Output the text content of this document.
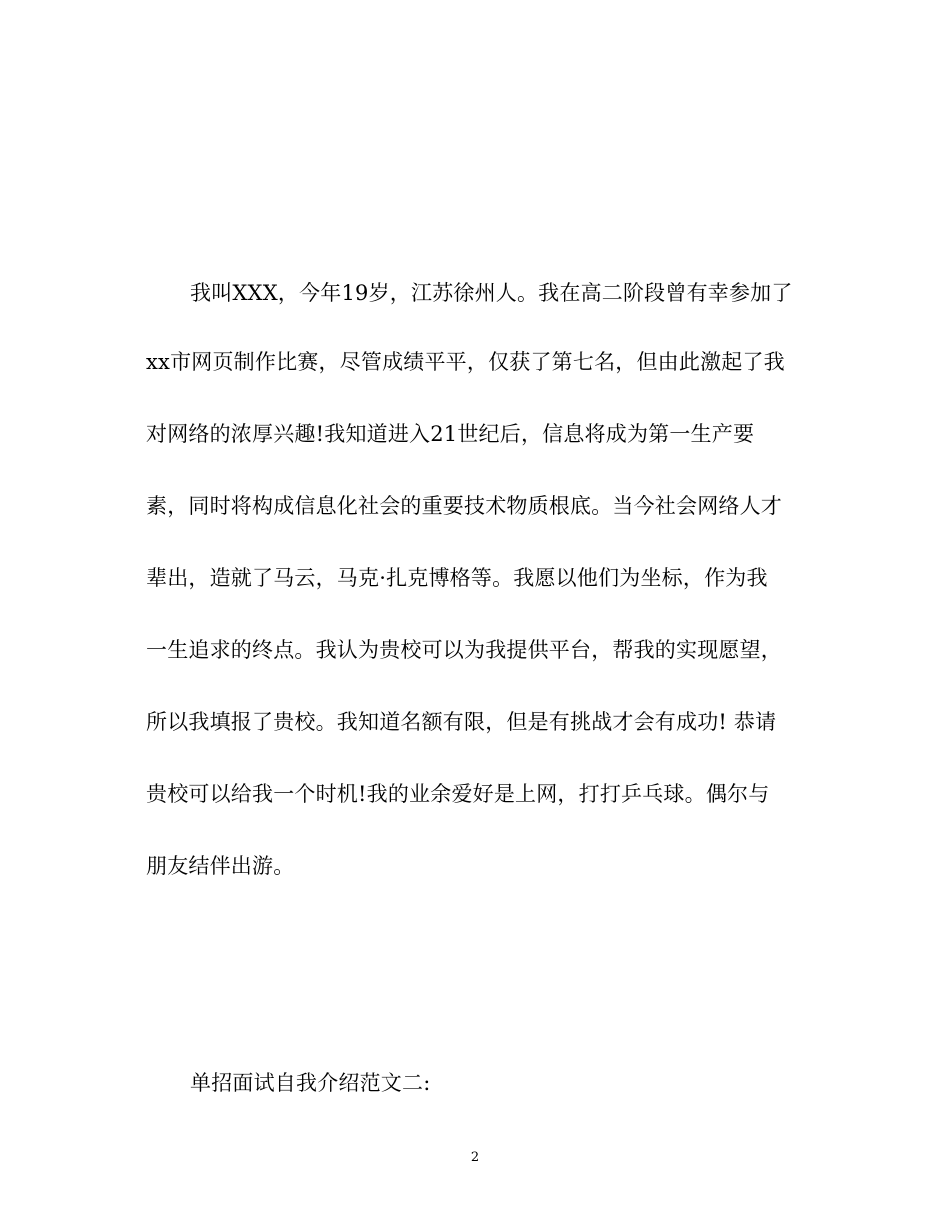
我叫XXX，今年19岁，江苏徐州人。我在高二阶段曾有幸参加了
xx市网页制作比赛，尽管成绩平平，仅获了第七名，但由此激起了我
对网络的浓厚兴趣!我知道进入21世纪后，信息将成为第一生产要
素，同时将构成信息化社会的重要技术物质根底。当今社会网络人才
辈出，造就了马云，马克·扎克博格等。我愿以他们为坐标，作为我
一生追求的终点。我认为贵校可以为我提供平台，帮我的实现愿望，
所以我填报了贵校。我知道名额有限，但是有挑战才会有成功! 恭请
贵校可以给我一个时机!我的业余爱好是上网，打打乒乓球。偶尔与
朋友结伴出游。
单招面试自我介绍范文二:
2
